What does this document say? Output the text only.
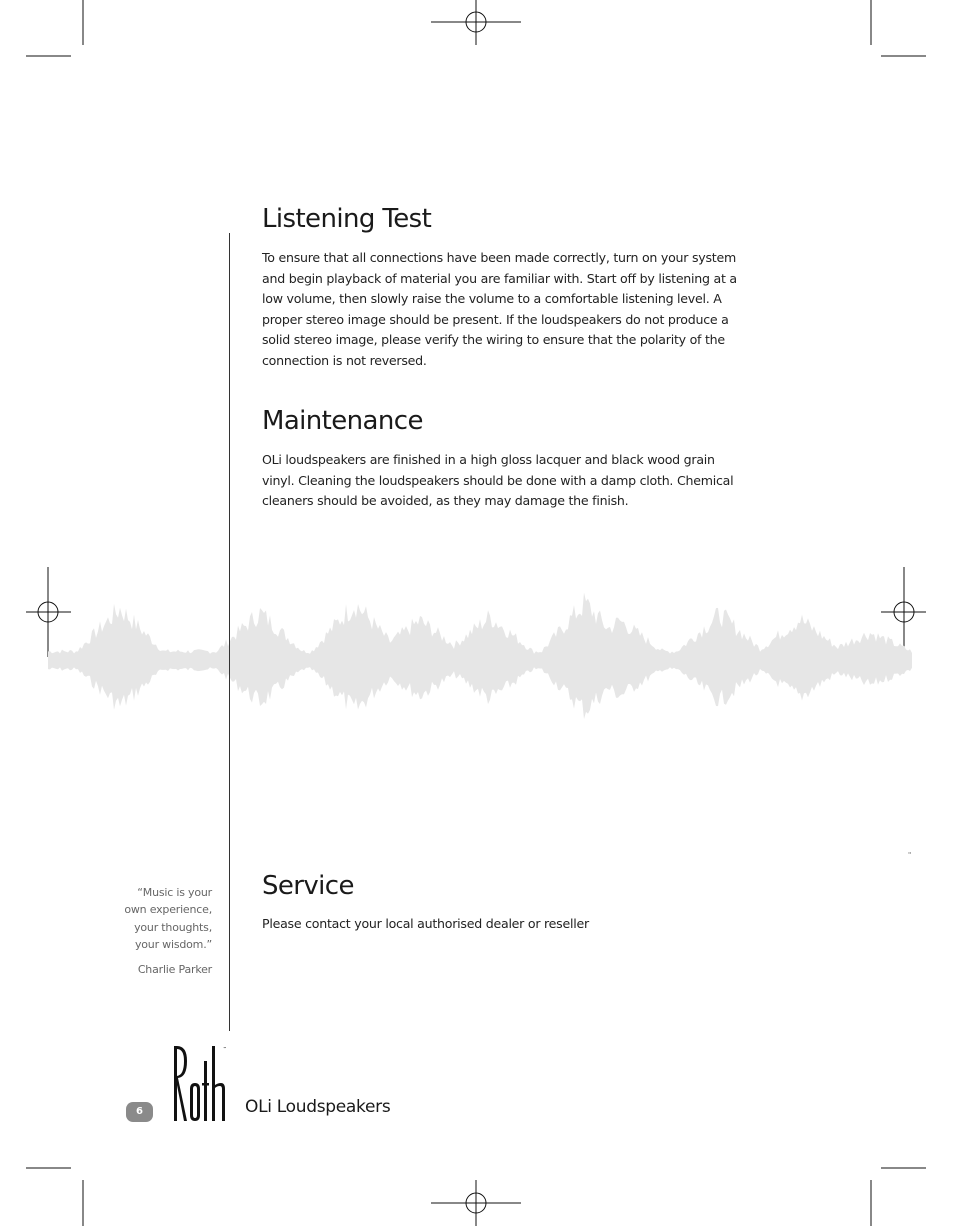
Listening Test
To ensure that all connections have been made correctly, turn on your system
and begin playback of material you are familiar with. Start off by listening at a
low volume, then slowly raise the volume to a comfortable listening level. A
proper stereo image should be present. If the loudspeakers do not produce a
solid stereo image, please verify the wiring to ensure that the polarity of the
connection is not reversed.
Maintenance
OLi loudspeakers are finished in a high gloss lacquer and black wood grain
vinyl. Cleaning the loudspeakers should be done with a damp cloth. Chemical
cleaners should be avoided, as they may damage the finish.
Service
Please contact your local authorised dealer or reseller
"
“Music is your
own experience,
your thoughts,
your wisdom.”
Charlie Parker
6
™
OLi Loudspeakers
